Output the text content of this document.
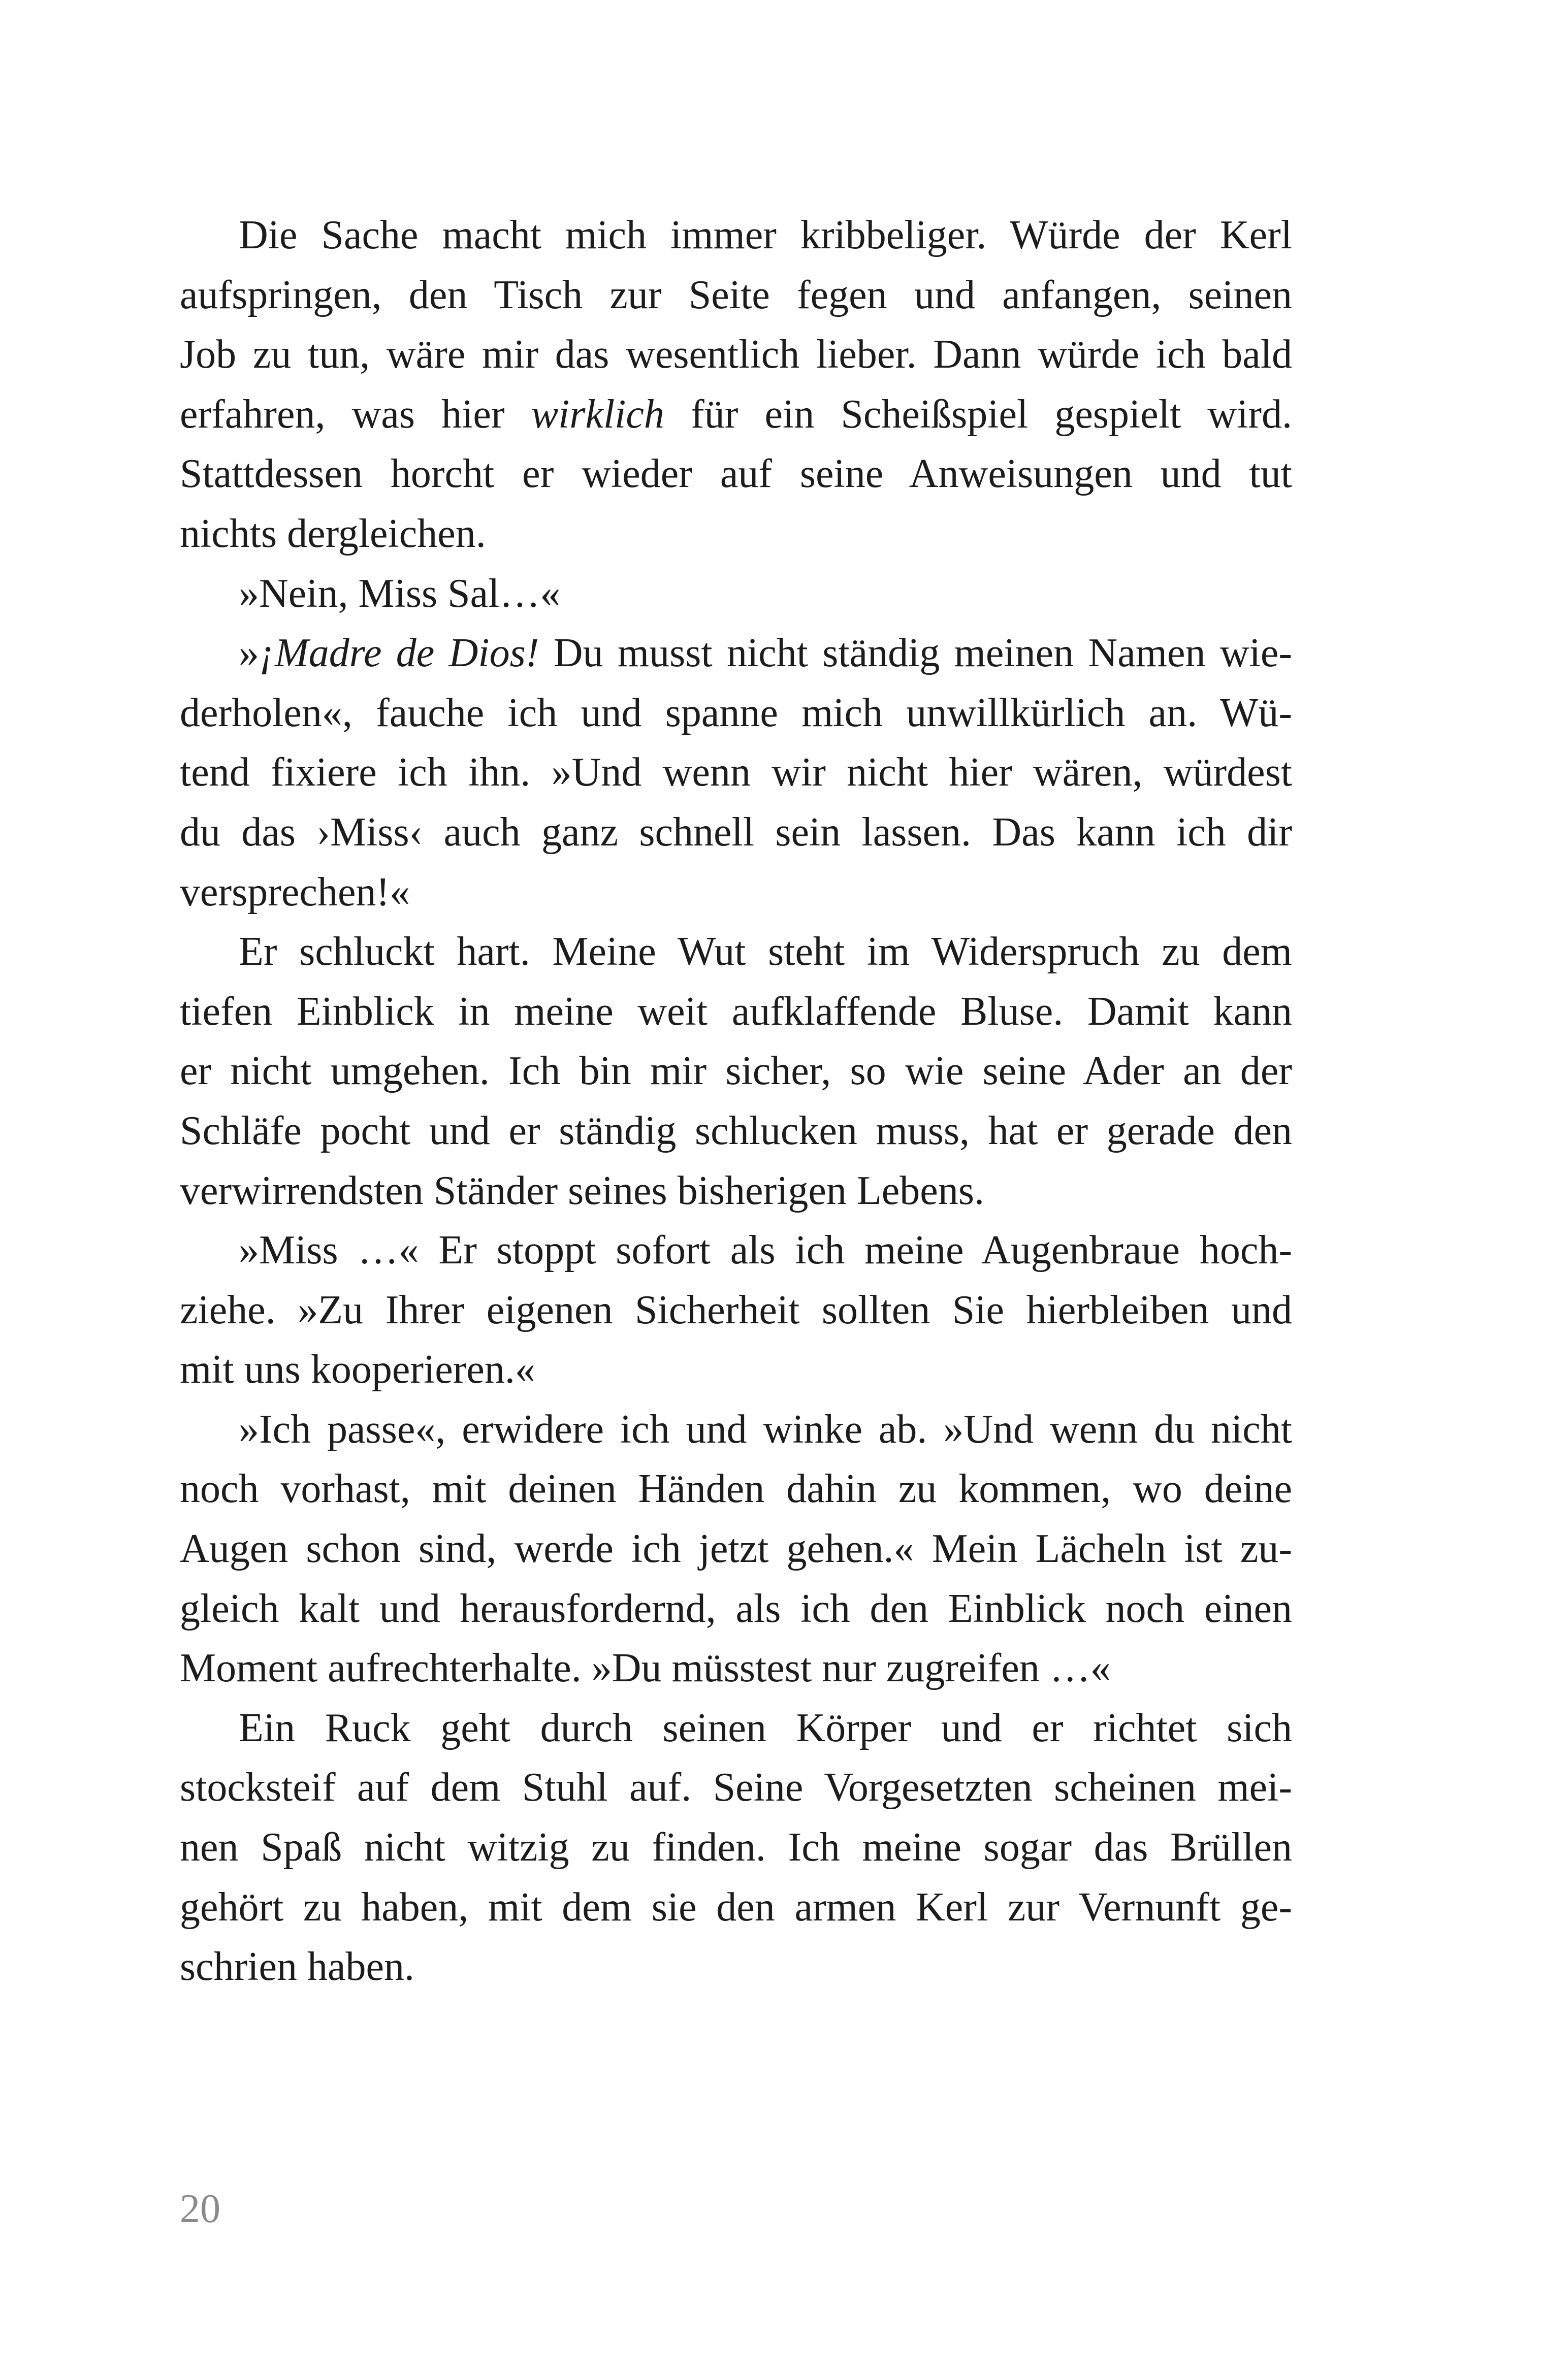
Die Sache macht mich immer kribbeliger. Würde der Kerl
aufspringen, den Tisch zur Seite fegen und anfangen, seinen
Job zu tun, wäre mir das wesentlich lieber. Dann würde ich bald
erfahren, was hier wirklich für ein Scheißspiel gespielt wird.
Stattdessen horcht er wieder auf seine Anweisungen und tut
nichts dergleichen.
»Nein, Miss Sal…«
»¡Madre de Dios! Du musst nicht ständig meinen Namen wie-
derholen«, fauche ich und spanne mich unwillkürlich an. Wü-
tend fixiere ich ihn. »Und wenn wir nicht hier wären, würdest
du das ›Miss‹ auch ganz schnell sein lassen. Das kann ich dir
versprechen!«
Er schluckt hart. Meine Wut steht im Widerspruch zu dem
tiefen Einblick in meine weit aufklaffende Bluse. Damit kann
er nicht umgehen. Ich bin mir sicher, so wie seine Ader an der
Schläfe pocht und er ständig schlucken muss, hat er gerade den
verwirrendsten Ständer seines bisherigen Lebens.
»Miss …« Er stoppt sofort als ich meine Augenbraue hoch-
ziehe. »Zu Ihrer eigenen Sicherheit sollten Sie hierbleiben und
mit uns kooperieren.«
»Ich passe«, erwidere ich und winke ab. »Und wenn du nicht
noch vorhast, mit deinen Händen dahin zu kommen, wo deine
Augen schon sind, werde ich jetzt gehen.« Mein Lächeln ist zu-
gleich kalt und herausfordernd, als ich den Einblick noch einen
Moment aufrechterhalte. »Du müsstest nur zugreifen …«
Ein Ruck geht durch seinen Körper und er richtet sich
stocksteif auf dem Stuhl auf. Seine Vorgesetzten scheinen mei-
nen Spaß nicht witzig zu finden. Ich meine sogar das Brüllen
gehört zu haben, mit dem sie den armen Kerl zur Vernunft ge-
schrien haben.
20
